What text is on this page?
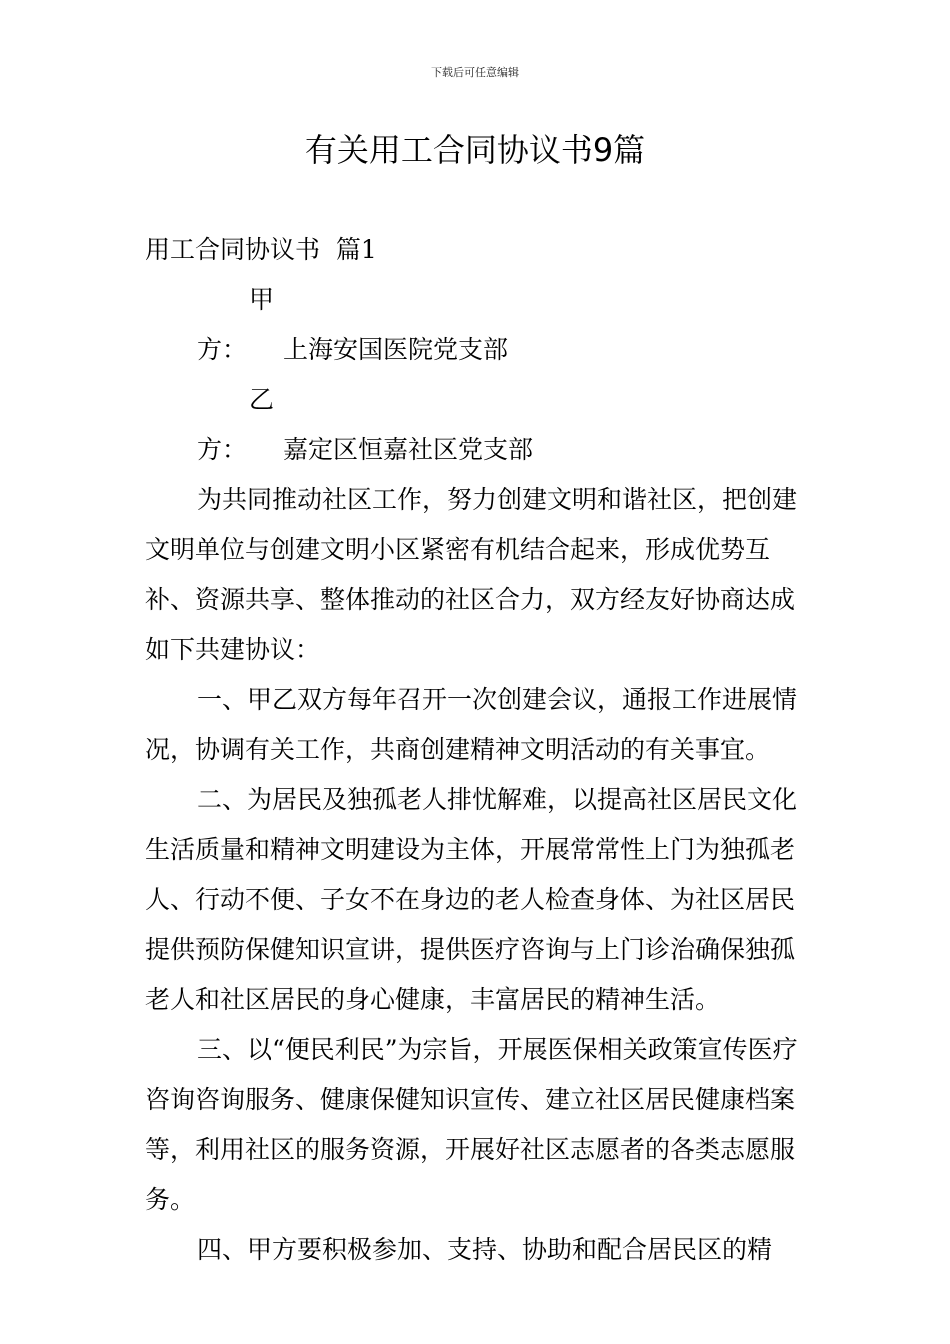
下载后可任意编辑
有关用工合同协议书9篇

用工合同协议书  篇1

甲方： 上海安国医院党支部

乙方： 嘉定区恒嘉社区党支部

为共同推动社区工作，努力创建文明和谐社区，把创建文明单位与创建文明小区紧密有机结合起来，形成优势互补、资源共享、整体推动的社区合力，双方经友好协商达成如下共建协议：

一、甲乙双方每年召开一次创建会议，通报工作进展情况，协调有关工作，共商创建精神文明活动的有关事宜。

二、为居民及独孤老人排忧解难，以提高社区居民文化生活质量和精神文明建设为主体，开展常常性上门为独孤老人、行动不便、子女不在身边的老人检查身体、为社区居民提供预防保健知识宣讲，提供医疗咨询与上门诊治确保独孤老人和社区居民的身心健康，丰富居民的精神生活。

三、以“便民利民”为宗旨，开展医保相关政策宣传医疗咨询咨询服务、健康保健知识宣传、建立社区居民健康档案等，利用社区的服务资源，开展好社区志愿者的各类志愿服务。

四、甲方要积极参加、支持、协助和配合居民区的精
